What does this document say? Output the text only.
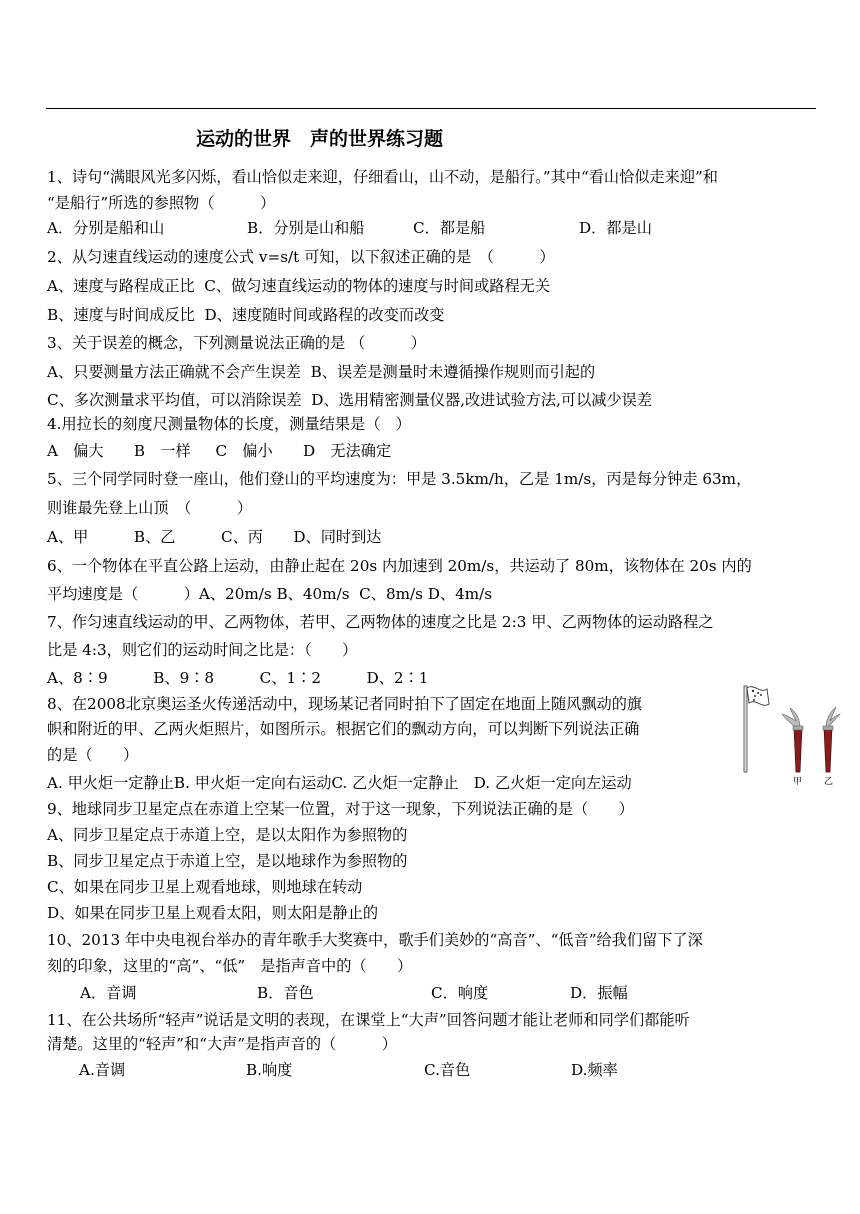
运动的世界　声的世界练习题
1、诗句“满眼风光多闪烁，看山恰似走来迎，仔细看山，山不动，是船行。”其中“看山恰似走来迎”和
“是船行”所选的参照物（　　　）
A．分别是船和山	B．分别是山和船	C．都是船	D．都是山
2、从匀速直线运动的速度公式 v=s/t 可知，以下叙述正确的是　（　　　）
A、速度与路程成正比  C、做匀速直线运动的物体的速度与时间或路程无关
B、速度与时间成反比  D、速度随时间或路程的改变而改变
3、关于误差的概念，下列测量说法正确的是 （　　　）
A、只要测量方法正确就不会产生误差  B、误差是测量时未遵循操作规则而引起的
C、多次测量求平均值，可以消除误差  D、选用精密测量仪器,改进试验方法,可以减少误差
4.用拉长的刻度尺测量物体的长度，测量结果是（　）
A　偏大　　B　一样　  C　偏小　　D　无法确定
5、三个同学同时登一座山，他们登山的平均速度为：甲是 3.5km/h，乙是 1m/s，丙是每分钟走 63m，
则谁最先登上山顶　（　　　）
A、甲　　　B、乙　　　C、丙　　D、同时到达
6、一个物体在平直公路上运动，由静止起在 20s 内加速到 20m/s，共运动了 80m，该物体在 20s 内的
平均速度是（　　　）A、20m/s B、40m/s  C、8m/s D、4m/s
7、作匀速直线运动的甲、乙两物体，若甲、乙两物体的速度之比是 2:3 甲、乙两物体的运动路程之
比是 4:3，则它们的运动时间之比是：（　　）
A、8∶9　　　B、9∶8　　　C、1∶2　　　D、2∶1
8、在2008北京奥运圣火传递活动中，现场某记者同时拍下了固定在地面上随风飘动的旗
帜和附近的甲、乙两火炬照片，如图所示。根据它们的飘动方向，可以判断下列说法正确
的是（　　）
A. 甲火炬一定静止B. 甲火炬一定向右运动C. 乙火炬一定静止　D. 乙火炬一定向左运动	甲 乙
9、地球同步卫星定点在赤道上空某一位置，对于这一现象，下列说法正确的是（　　）
A、同步卫星定点于赤道上空，是以太阳作为参照物的
B、同步卫星定点于赤道上空，是以地球作为参照物的
C、如果在同步卫星上观看地球，则地球在转动
D、如果在同步卫星上观看太阳，则太阳是静止的
10、2013 年中央电视台举办的青年歌手大奖赛中，歌手们美妙的“高音”、“低音”给我们留下了深
刻的印象，这里的“高”、“低”　是指声音中的（　　）
A．音调	B．音色	C．响度	D．振幅
11、在公共场所“轻声”说话是文明的表现，在课堂上“大声”回答问题才能让老师和同学们都能听
清楚。这里的“轻声”和“大声”是指声音的（　　　）
A.音调	B.响度	C.音色	D.频率
